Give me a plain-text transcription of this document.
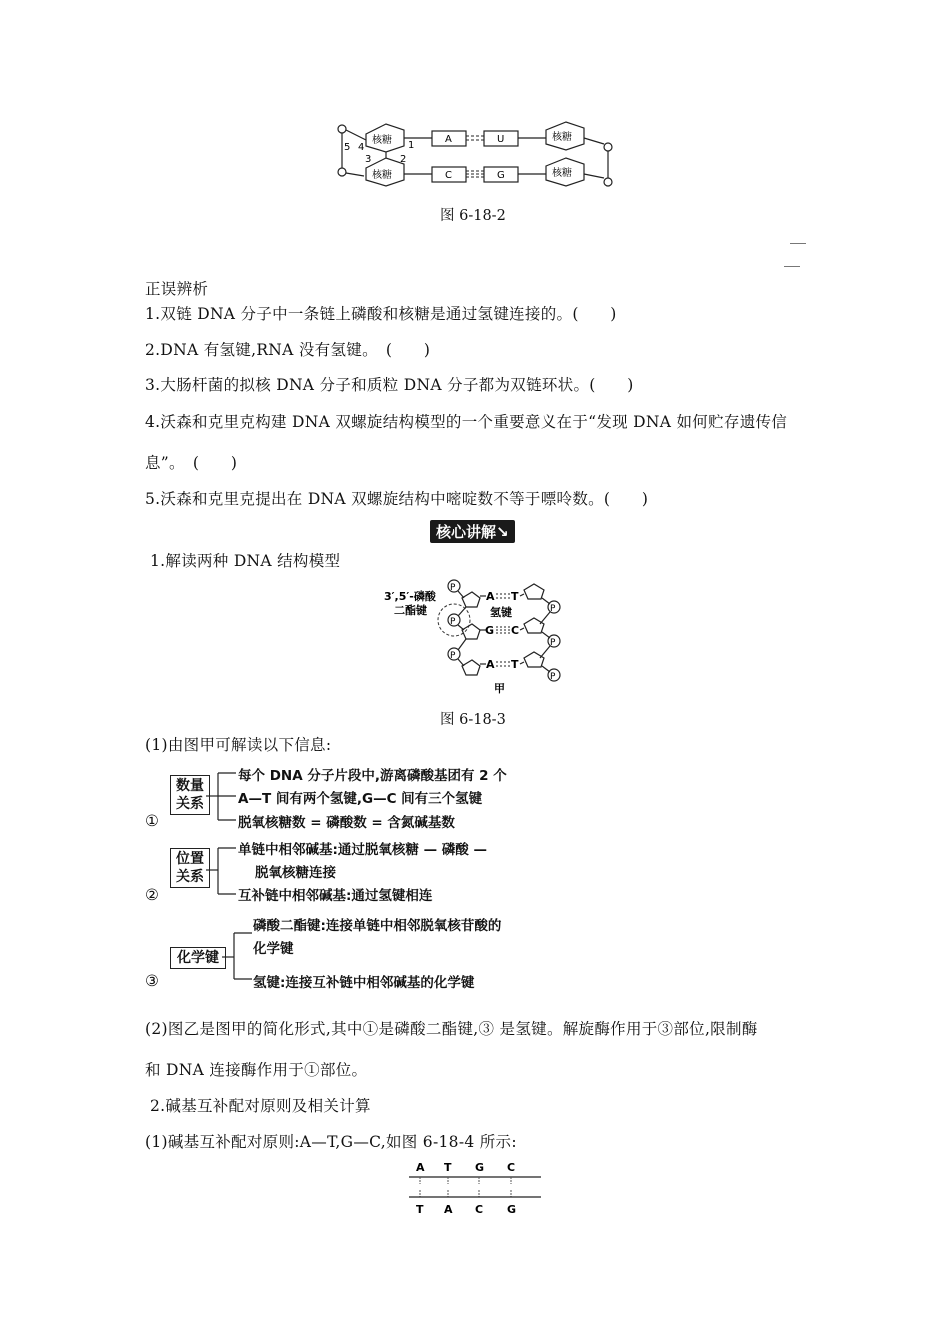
核糖
核糖
5 4
3
1
2
A
C
U
G
核糖
核糖
图 6-18-2
正误辨析
1.双链 DNA 分子中一条链上磷酸和核糖是通过氢键连接的。(　　)
2.DNA 有氢键,RNA 没有氢键。　(　　)
3.大肠杆菌的拟核 DNA 分子和质粒 DNA 分子都为双链环状。(　　)
4.沃森和克里克构建 DNA 双螺旋结构模型的一个重要意义在于“发现 DNA 如何贮存遗传信
息”。　(　　)
5.沃森和克里克提出在 DNA 双螺旋结构中嘧啶数不等于嘌呤数。(　　)
核心讲解↘
1.解读两种 DNA 结构模型
3′,5′-磷酸
二酯键
P
P
P
A T
氢键
G C
A T
P
P
P
甲
图 6-18-3
(1)由图甲可解读以下信息:
①
数量
关系
每个 DNA 分子片段中,游离磷酸基团有 2 个
A—T 间有两个氢键,G—C 间有三个氢键
脱氧核糖数 = 磷酸数 = 含氮碱基数
②
位置
关系
单链中相邻碱基:通过脱氧核糖 — 磷酸 —
脱氧核糖连接
互补链中相邻碱基:通过氢键相连
③
化学键
磷酸二酯键:连接单链中相邻脱氧核苷酸的
化学键
氢键:连接互补链中相邻碱基的化学键
(2)图乙是图甲的简化形式,其中①是磷酸二酯键,③ 是氢键。解旋酶作用于③部位,限制酶
和 DNA 连接酶作用于①部位。
2.碱基互补配对原则及相关计算
(1)碱基互补配对原则:A—T,G—C,如图 6-18-4 所示:
A T G C
T A C G
